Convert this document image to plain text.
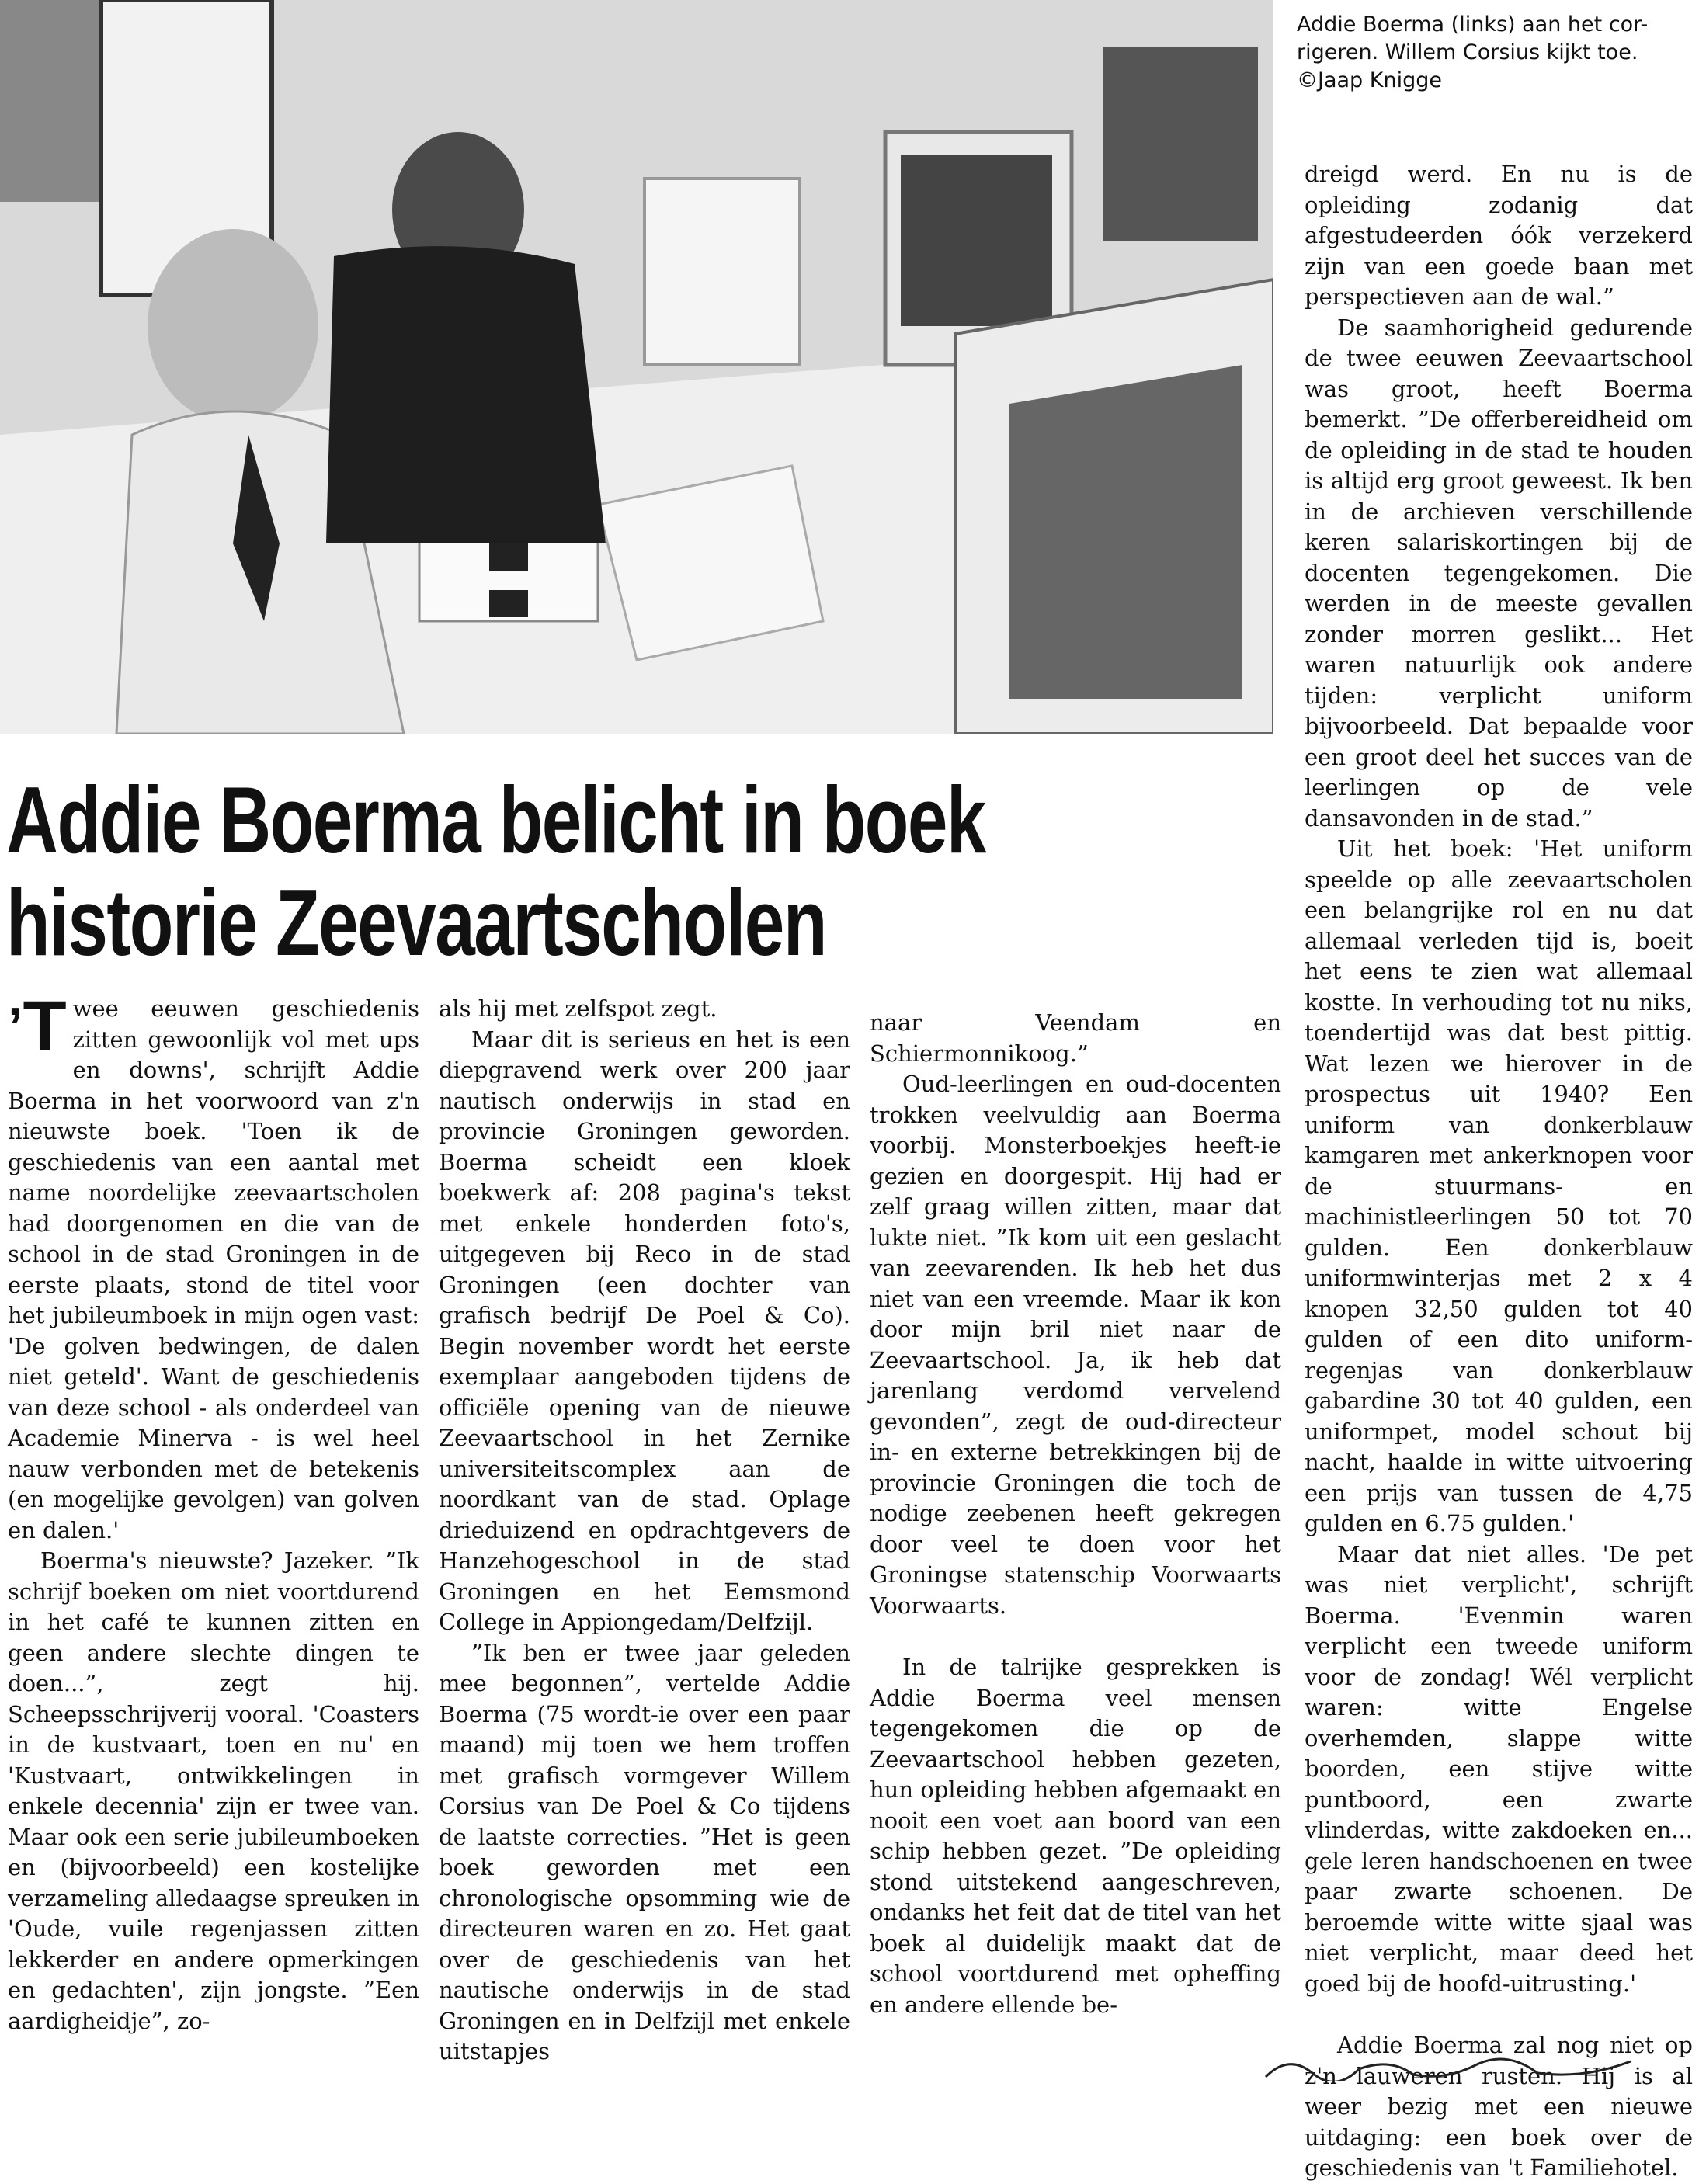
Addie Boerma (links) aan het cor-
rigeren. Willem Corsius kijkt toe.
©Jaap Knigge
Addie Boerma belicht in boek
historie Zeevaartscholen

’ Twee eeuwen geschiedenis zitten gewoonlijk vol met ups en downs', schrijft Addie Boerma in het voorwoord van z'n nieuwste boek. 'Toen ik de geschiedenis van een aantal met name noordelijke zeevaartscholen had doorgenomen en die van de school in de stad Groningen in de eerste plaats, stond de titel voor het jubileumboek in mijn ogen vast: 'De golven bedwingen, de dalen niet geteld'. Want de geschiedenis van deze school - als onderdeel van Academie Minerva - is wel heel nauw verbonden met de betekenis (en mogelijke gevolgen) van golven en dalen.'

Boerma's nieuwste? Jazeker. ”Ik schrijf boeken om niet voortdurend in het café te kunnen zitten en geen andere slechte dingen te doen...”, zegt hij. Scheepsschrijverij vooral. 'Coasters in de kustvaart, toen en nu' en 'Kustvaart, ontwikkelingen in enkele decennia' zijn er twee van. Maar ook een serie jubileumboeken en (bijvoorbeeld) een kostelijke verzameling alledaagse spreuken in 'Oude, vuile regenjassen zitten lekkerder en andere opmerkingen en gedachten', zijn jongste. ”Een aardigheidje”, zo-

als hij met zelfspot zegt.

Maar dit is serieus en het is een diepgravend werk over 200 jaar nautisch onderwijs in stad en provincie Groningen geworden. Boerma scheidt een kloek boekwerk af: 208 pagina's tekst met enkele honderden foto's, uitgegeven bij Reco in de stad Groningen (een dochter van grafisch bedrijf De Poel & Co). Begin november wordt het eerste exemplaar aangeboden tijdens de officiële opening van de nieuwe Zeevaartschool in het Zernike universiteitscomplex aan de noordkant van de stad. Oplage drieduizend en opdrachtgevers de Hanzehogeschool in de stad Groningen en het Eemsmond College in Appiongedam/Delfzijl.

”Ik ben er twee jaar geleden mee begonnen”, vertelde Addie Boerma (75 wordt-ie over een paar maand) mij toen we hem troffen met grafisch vormgever Willem Corsius van De Poel & Co tijdens de laatste correcties. ”Het is geen boek geworden met een chronologische opsomming wie de directeuren waren en zo. Het gaat over de geschiedenis van het nautische onderwijs in de stad Groningen en in Delfzijl met enkele uitstapjes

naar Veendam en Schiermonnikoog.”

Oud-leerlingen en oud-docenten trokken veelvuldig aan Boerma voorbij. Monsterboekjes heeft-ie gezien en doorgespit. Hij had er zelf graag willen zitten, maar dat lukte niet. ”Ik kom uit een geslacht van zeevarenden. Ik heb het dus niet van een vreemde. Maar ik kon door mijn bril niet naar de Zeevaartschool. Ja, ik heb dat jarenlang verdomd vervelend gevonden”, zegt de oud-directeur in- en externe betrekkingen bij de provincie Groningen die toch de nodige zeebenen heeft gekregen door veel te doen voor het Groningse statenschip Voorwaarts Voorwaarts.

In de talrijke gesprekken is Addie Boerma veel mensen tegengekomen die op de Zeevaartschool hebben gezeten, hun opleiding hebben afgemaakt en nooit een voet aan boord van een schip hebben gezet. ”De opleiding stond uitstekend aangeschreven, ondanks het feit dat de titel van het boek al duidelijk maakt dat de school voortdurend met opheffing en andere ellende be-

dreigd werd. En nu is de opleiding zodanig dat afgestudeerden óók verzekerd zijn van een goede baan met perspectieven aan de wal.”

De saamhorigheid gedurende de twee eeuwen Zeevaartschool was groot, heeft Boerma bemerkt. ”De offerbereidheid om de opleiding in de stad te houden is altijd erg groot geweest. Ik ben in de archieven verschillende keren salariskortingen bij de docenten tegengekomen. Die werden in de meeste gevallen zonder morren geslikt... Het waren natuurlijk ook andere tijden: verplicht uniform bijvoorbeeld. Dat bepaalde voor een groot deel het succes van de leerlingen op de vele dansavonden in de stad.”

Uit het boek: 'Het uniform speelde op alle zeevaartscholen een belangrijke rol en nu dat allemaal verleden tijd is, boeit het eens te zien wat allemaal kostte. In verhouding tot nu niks, toendertijd was dat best pittig. Wat lezen we hierover in de prospectus uit 1940? Een uniform van donkerblauw kamgaren met ankerknopen voor de stuurmans- en machinistleerlingen 50 tot 70 gulden. Een donkerblauw uniformwinterjas met 2 x 4 knopen 32,50 gulden tot 40 gulden of een dito uniform-regenjas van donkerblauw gabardine 30 tot 40 gulden, een uniformpet, model schout bij nacht, haalde in witte uitvoering een prijs van tussen de 4,75 gulden en 6.75 gulden.'

Maar dat niet alles. 'De pet was niet verplicht', schrijft Boerma. 'Evenmin waren verplicht een tweede uniform voor de zondag! Wél verplicht waren: witte Engelse overhemden, slappe witte boorden, een stijve witte puntboord, een zwarte vlinderdas, witte zakdoeken en... gele leren handschoenen en twee paar zwarte schoenen. De beroemde witte witte sjaal was niet verplicht, maar deed het goed bij de hoofd-uitrusting.'

Addie Boerma zal nog niet op z'n lauweren rusten. Hij is al weer bezig met een nieuwe uitdaging: een boek over de geschiedenis van 't Familiehotel.
